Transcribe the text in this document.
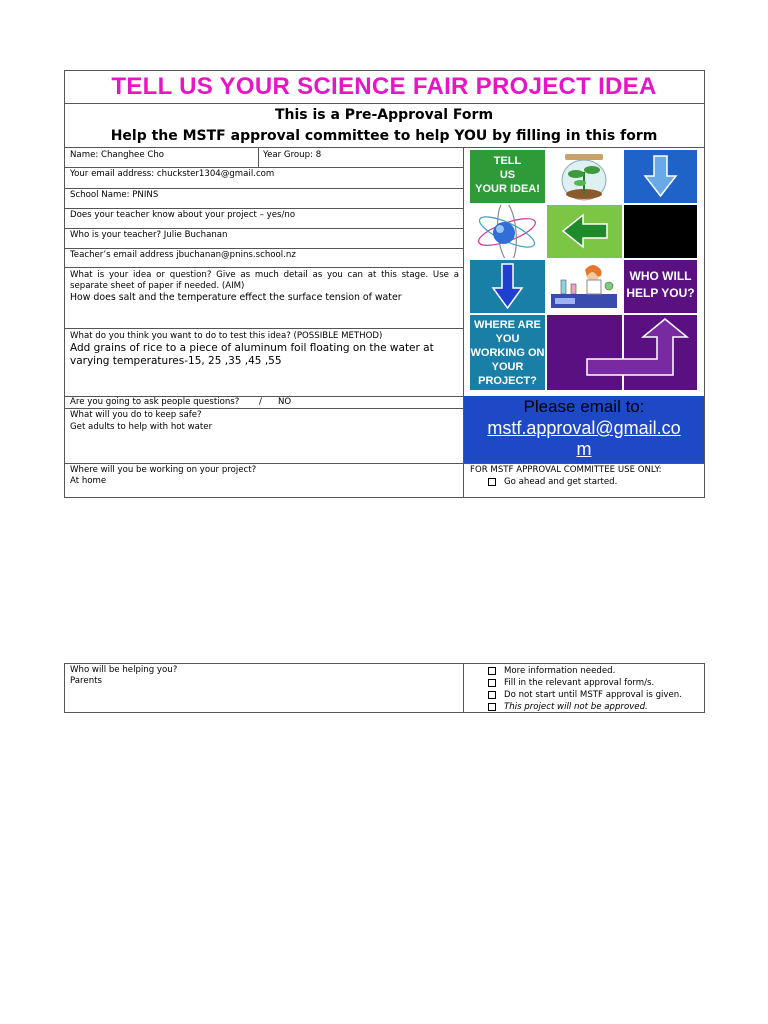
TELL US YOUR SCIENCE FAIR PROJECT IDEA
This is a Pre-Approval Form
Help the MSTF approval committee to help YOU by filling in this form
Name: Changhee Cho	Year Group: 8
Your email address: chuckster1304@gmail.com
School Name: PNINS
Does your teacher know about your project – yes/no
Who is your teacher? Julie Buchanan
Teacher’s email address jbuchanan@pnins.school.nz
What is your idea or question? Give as much detail as you can at this stage. Use a separate sheet of paper if needed. (AIM)
How does salt and the temperature effect the surface tension of water
What do you think you want to do to test this idea? (POSSIBLE METHOD)
Add grains of rice to a piece of aluminum foil floating on the water at varying temperatures-15, 25 ,35 ,45 ,55
Are you going to ask people questions? / NO
What will you do to keep safe?
Get adults to help with hot water
Where will you be working on your project?
At home
TELL
US
YOUR IDEA!
WHO WILL
HELP YOU?
WHERE ARE
YOU
WORKING ON
YOUR
PROJECT?
Please email to:
mstf.approval@gmail.co
m
FOR MSTF APPROVAL COMMITTEE USE ONLY:
Go ahead and get started.
Who will be helping you?
Parents
More information needed.
Fill in the relevant approval form/s.
Do not start until MSTF approval is given.
This project will not be approved.
